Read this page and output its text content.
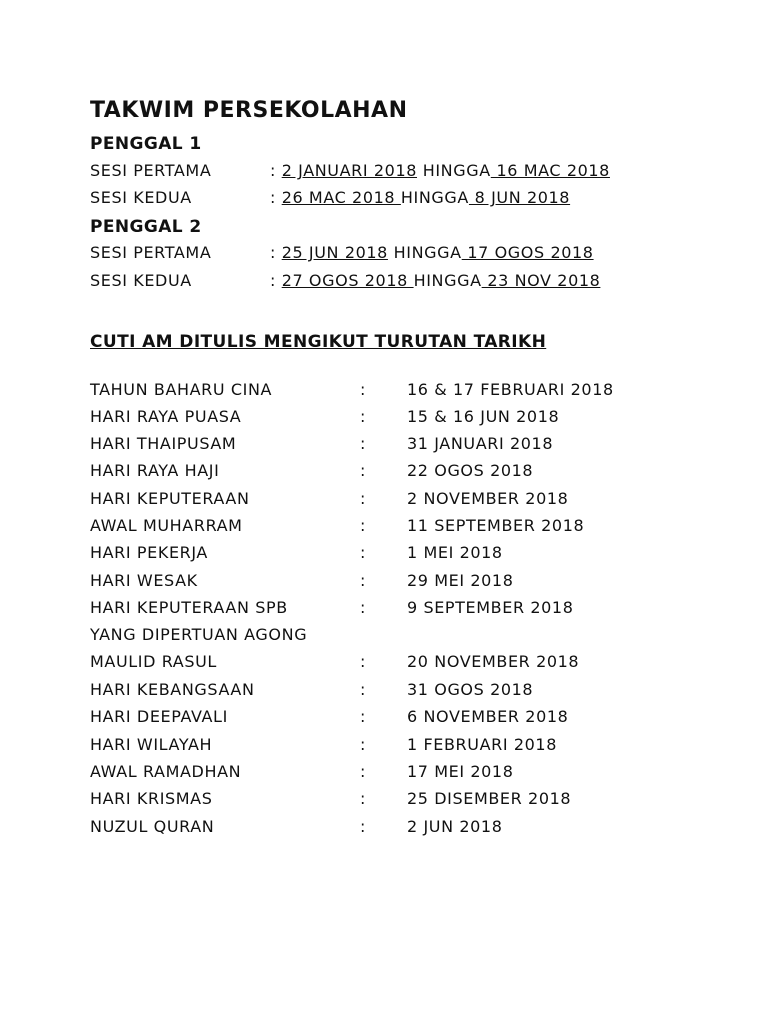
TAKWIM PERSEKOLAHAN
PENGGAL 1
SESI PERTAMA	: 2 JANUARI 2018 HINGGA 16 MAC 2018
SESI KEDUA	: 26 MAC 2018 HINGGA 8 JUN 2018
PENGGAL 2
SESI PERTAMA	: 25 JUN 2018 HINGGA 17 OGOS 2018
SESI KEDUA	: 27 OGOS 2018 HINGGA 23 NOV 2018
CUTI AM DITULIS MENGIKUT TURUTAN TARIKH
TAHUN BAHARU CINA	:	16 & 17 FEBRUARI 2018
HARI RAYA PUASA	:	15 & 16 JUN 2018
HARI THAIPUSAM	:	31 JANUARI 2018
HARI RAYA HAJI	:	22 OGOS 2018
HARI KEPUTERAAN	:	2 NOVEMBER 2018
AWAL MUHARRAM	:	11 SEPTEMBER 2018
HARI PEKERJA	:	1 MEI 2018
HARI WESAK	:	29 MEI 2018
HARI KEPUTERAAN SPB	:	9 SEPTEMBER 2018
YANG DIPERTUAN AGONG
MAULID RASUL	:	20 NOVEMBER 2018
HARI KEBANGSAAN	:	31 OGOS 2018
HARI DEEPAVALI	:	6 NOVEMBER 2018
HARI WILAYAH	:	1 FEBRUARI 2018
AWAL RAMADHAN	:	17 MEI 2018
HARI KRISMAS	:	25 DISEMBER 2018
NUZUL QURAN	:	2 JUN 2018
